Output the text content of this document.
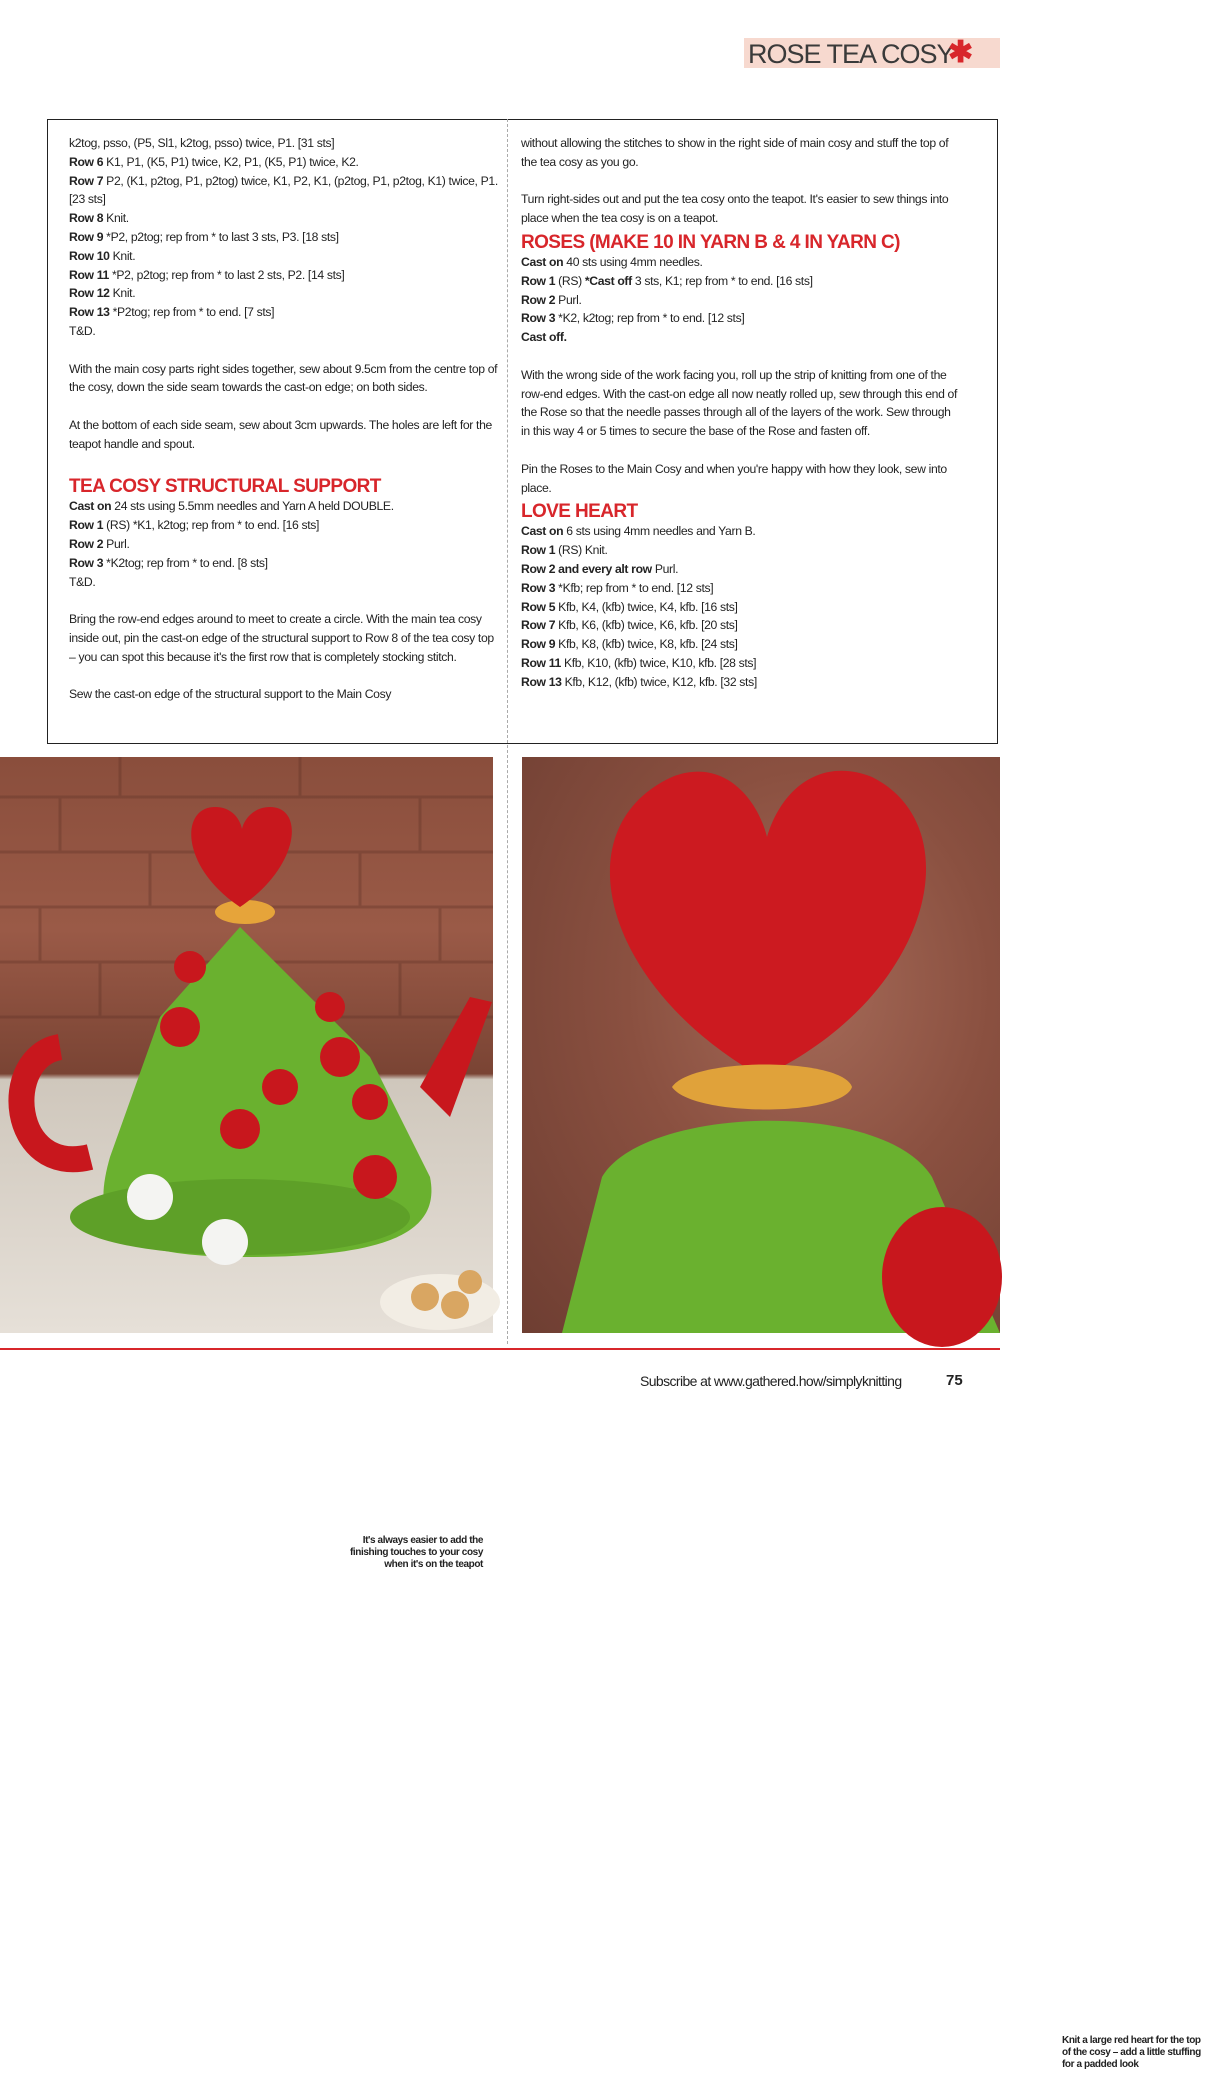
ROSE TEA COSY
✱

k2tog, psso, (P5, Sl1, k2tog, psso) twice, P1. [31 sts]

Row 6 K1, P1, (K5, P1) twice, K2, P1, (K5, P1) twice, K2.

Row 7 P2, (K1, p2tog, P1, p2tog) twice, K1, P2, K1, (p2tog, P1, p2tog, K1) twice, P1. [23 sts]

Row 8 Knit.

Row 9 *P2, p2tog; rep from * to last 3 sts, P3. [18 sts]

Row 10 Knit.

Row 11 *P2, p2tog; rep from * to last 2 sts, P2. [14 sts]

Row 12 Knit.

Row 13 *P2tog; rep from * to end. [7 sts]

T&D.

With the main cosy parts right sides together, sew about 9.5cm from the centre top of the cosy, down the side seam towards the cast-on edge; on both sides.

At the bottom of each side seam, sew about 3cm upwards. The holes are left for the teapot handle and spout.

TEA COSY STRUCTURAL SUPPORT

Cast on 24 sts using 5.5mm needles and Yarn A held DOUBLE.

Row 1 (RS) *K1, k2tog; rep from * to end. [16 sts]

Row 2 Purl.

Row 3 *K2tog; rep from * to end. [8 sts]

T&D.

Bring the row-end edges around to meet to create a circle. With the main tea cosy inside out, pin the cast-on edge of the structural support to Row 8 of the tea cosy top – you can spot this because it's the first row that is completely stocking stitch.

Sew the cast-on edge of the structural support to the Main Cosy

without allowing the stitches to show in the right side of main cosy and stuff the top of the tea cosy as you go.

Turn right-sides out and put the tea cosy onto the teapot. It's easier to sew things into place when the tea cosy is on a teapot.

ROSES (MAKE 10 IN YARN B & 4 IN YARN C)

Cast on 40 sts using 4mm needles.

Row 1 (RS) *Cast off 3 sts, K1; rep from * to end. [16 sts]

Row 2 Purl.

Row 3 *K2, k2tog; rep from * to end. [12 sts]

Cast off.

With the wrong side of the work facing you, roll up the strip of knitting from one of the row-end edges. With the cast-on edge all now neatly rolled up, sew through this end of the Rose so that the needle passes through all of the layers of the work. Sew through in this way 4 or 5 times to secure the base of the Rose and fasten off.

Pin the Roses to the Main Cosy and when you're happy with how they look, sew into place.

LOVE HEART

Cast on 6 sts using 4mm needles and Yarn B.

Row 1 (RS) Knit.

Row 2 and every alt row Purl.

Row 3 *Kfb; rep from * to end. [12 sts]

Row 5 Kfb, K4, (kfb) twice, K4, kfb. [16 sts]

Row 7 Kfb, K6, (kfb) twice, K6, kfb. [20 sts]

Row 9 Kfb, K8, (kfb) twice, K8, kfb. [24 sts]

Row 11 Kfb, K10, (kfb) twice, K10, kfb. [28 sts]

Row 13 Kfb, K12, (kfb) twice, K12, kfb. [32 sts]

It's always easier to add the finishing touches to your cosy when it's on the teapot
Knit a large red heart for the top of the cosy – add a little stuffing for a padded look
Subscribe at www.gathered.how/simplyknitting	75
